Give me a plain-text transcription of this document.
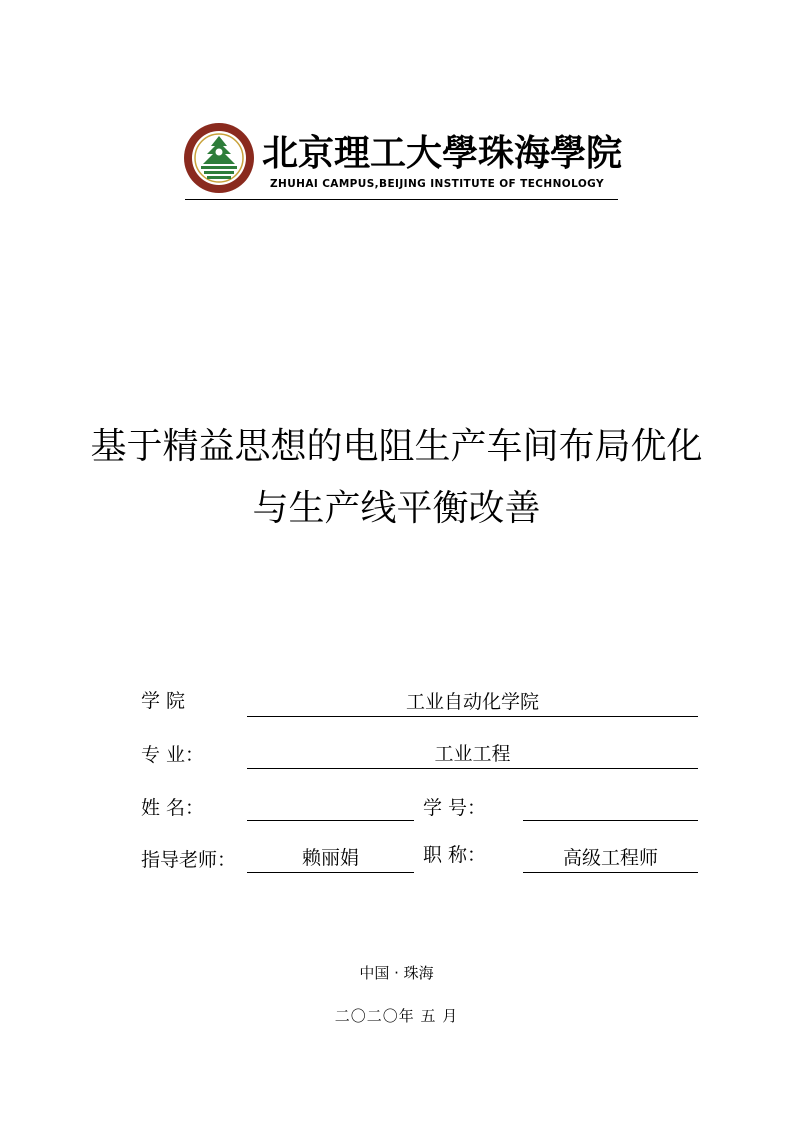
北京理工大學珠海學院
ZHUHAI CAMPUS,BEIJING INSTITUTE OF TECHNOLOGY
基于精益思想的电阻生产车间布局优化
与生产线平衡改善
学 院	工业自动化学院
专 业：	工业工程
姓 名：	学 号：
指导老师：	赖丽娟	职 称：	高级工程师
中国 · 珠海
二〇二〇年 五 月
